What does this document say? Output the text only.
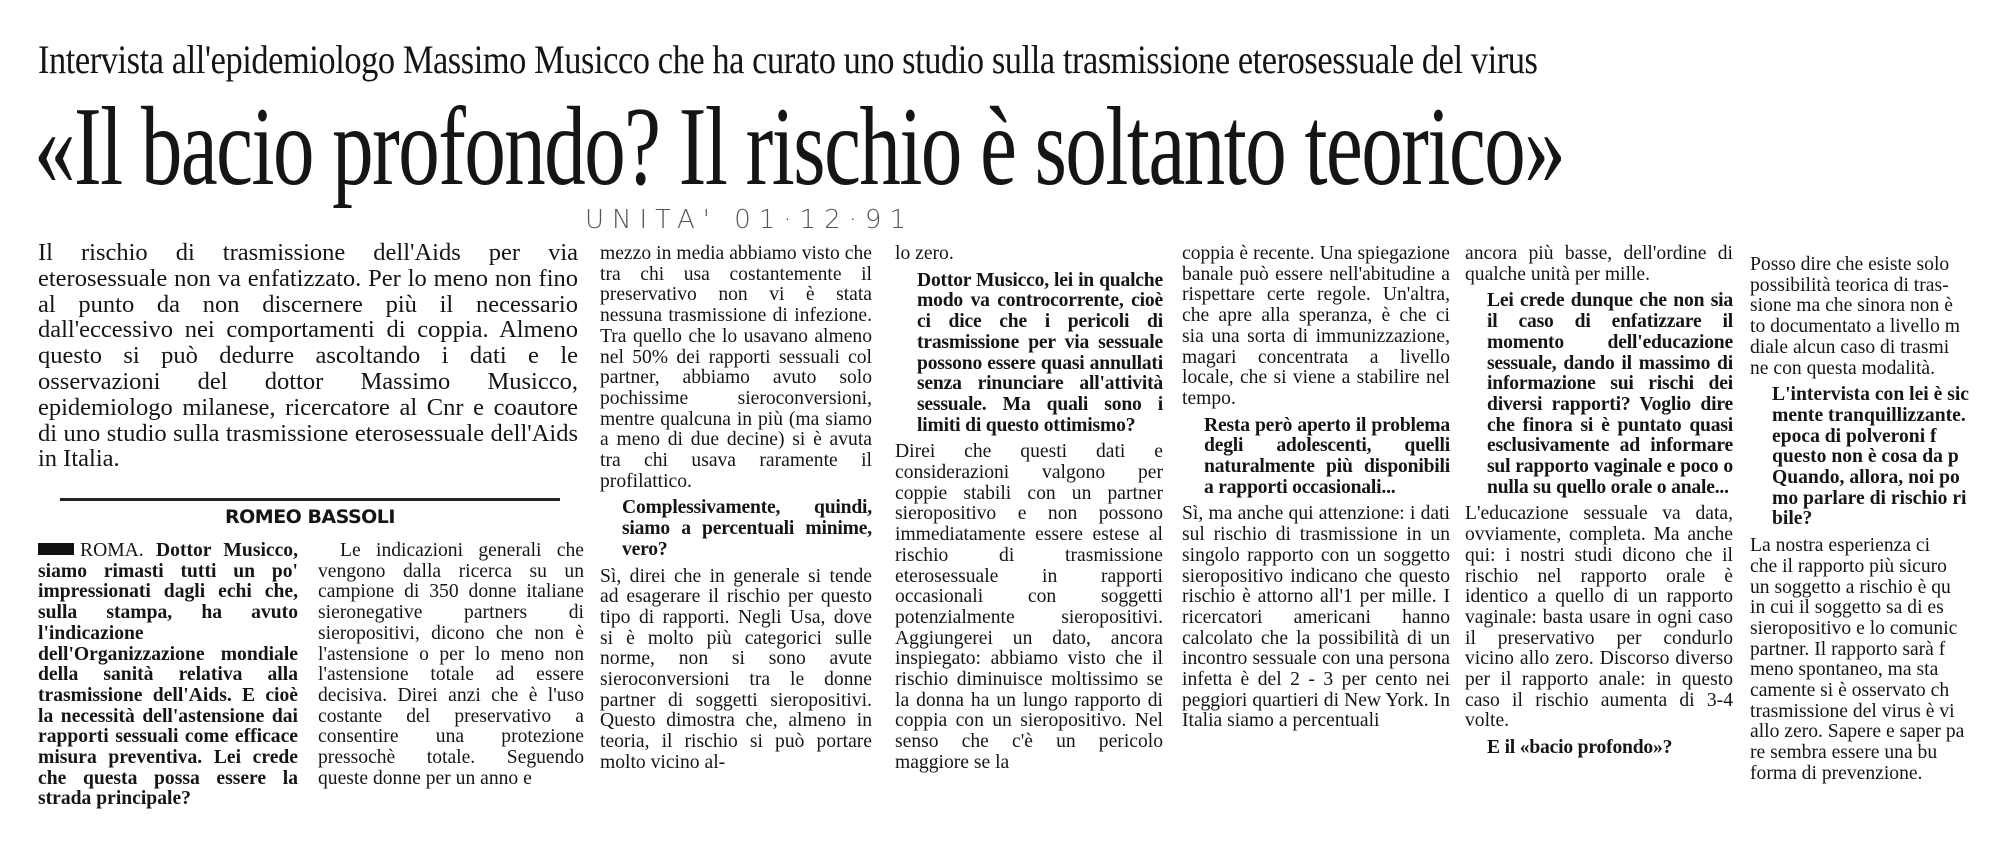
Intervista all'epidemiologo Massimo Musicco che ha curato uno studio sulla trasmissione eterosessuale del virus
«Il bacio profondo? Il rischio è soltanto teorico»
UNITA' 01·12·91

Il rischio di trasmissione dell'Aids per via eterosessuale non va enfatizzato. Per lo meno non fino al punto da non discernere più il necessario dall'eccessivo nei comportamenti di coppia. Almeno questo si può dedurre ascoltando i dati e le osservazioni del dottor Massimo Musicco, epidemiologo milanese, ricercatore al Cnr e coautore di uno studio sulla trasmissione eterosessuale dell'Aids in Italia.

ROMEO BASSOLI

ROMA. Dottor Musicco, siamo rimasti tutti un po' impressionati dagli echi che, sulla stampa, ha avuto l'indicazione dell'Organizzazione mondiale della sanità relativa alla trasmissione dell'Aids. E cioè la necessità dell'astensione dai rapporti sessuali come efficace misura preventiva. Lei crede che questa possa essere la strada principale?

Le indicazioni generali che vengono dalla ricerca su un campione di 350 donne italiane sieronegative partners di sieropositivi, dicono che non è l'astensione o per lo meno non l'astensione totale ad essere decisiva. Direi anzi che è l'uso costante del preservativo a consentire una protezione pressochè totale. Seguendo queste donne per un anno e

mezzo in media abbiamo visto che tra chi usa costantemente il preservativo non vi è stata nessuna trasmissione di infezione. Tra quello che lo usavano almeno nel 50% dei rapporti sessuali col partner, abbiamo avuto solo pochissime sieroconversioni, mentre qualcuna in più (ma siamo a meno di due decine) si è avuta tra chi usava raramente il profilattico.

Complessivamente, quindi, siamo a percentuali minime, vero?

Sì, direi che in generale si tende ad esagerare il rischio per questo tipo di rapporti. Negli Usa, dove si è molto più categorici sulle norme, non si sono avute sieroconversioni tra le donne partner di soggetti sieropositivi. Questo dimostra che, almeno in teoria, il rischio si può portare molto vicino al-

lo zero.

Dottor Musicco, lei in qualche modo va controcorrente, cioè ci dice che i pericoli di trasmissione per via sessuale possono essere quasi annullati senza rinunciare all'attività sessuale. Ma quali sono i limiti di questo ottimismo?

Direi che questi dati e considerazioni valgono per coppie stabili con un partner sieropositivo e non possono immediatamente essere estese al rischio di trasmissione eterosessuale in rapporti occasionali con soggetti potenzialmente sieropositivi. Aggiungerei un dato, ancora inspiegato: abbiamo visto che il rischio diminuisce moltissimo se la donna ha un lungo rapporto di coppia con un sieropositivo. Nel senso che c'è un pericolo maggiore se la

coppia è recente. Una spiegazione banale può essere nell'abitudine a rispettare certe regole. Un'altra, che apre alla speranza, è che ci sia una sorta di immunizzazione, magari concentrata a livello locale, che si viene a stabilire nel tempo.

Resta però aperto il problema degli adolescenti, quelli naturalmente più disponibili a rapporti occasionali...

Sì, ma anche qui attenzione: i dati sul rischio di trasmissione in un singolo rapporto con un soggetto sieropositivo indicano che questo rischio è attorno all'1 per mille. I ricercatori americani hanno calcolato che la possibilità di un incontro sessuale con una persona infetta è del 2 - 3 per cento nei peggiori quartieri di New York. In Italia siamo a percentuali

ancora più basse, dell'ordine di qualche unità per mille.

Lei crede dunque che non sia il caso di enfatizzare il momento dell'educazione sessuale, dando il massimo di informazione sui rischi dei diversi rapporti? Voglio dire che finora si è puntato quasi esclusivamente ad informare sul rapporto vaginale e poco o nulla su quello orale o anale...

L'educazione sessuale va data, ovviamente, completa. Ma anche qui: i nostri studi dicono che il rischio nel rapporto orale è identico a quello di un rapporto vaginale: basta usare in ogni caso il preservativo per condurlo vicino allo zero. Discorso diverso per il rapporto anale: in questo caso il rischio aumenta di 3-4 volte.

E il «bacio profondo»?

Posso dire che esiste solo
possibilità teorica di tras-
sione ma che sinora non è
to documentato a livello m
diale alcun caso di trasmi
ne con questa modalità.

L'intervista con lei è sic
mente tranquillizzante.
epoca di polveroni f
questo non è cosa da p
Quando, allora, noi po
mo parlare di rischio ri
bile?

La nostra esperienza ci
che il rapporto più sicuro
un soggetto a rischio è qu
in cui il soggetto sa di es
sieropositivo e lo comunic
partner. Il rapporto sarà f
meno spontaneo, ma sta
camente si è osservato ch
trasmissione del virus è vi
allo zero. Sapere e saper pa
re sembra essere una bu
forma di prevenzione.
